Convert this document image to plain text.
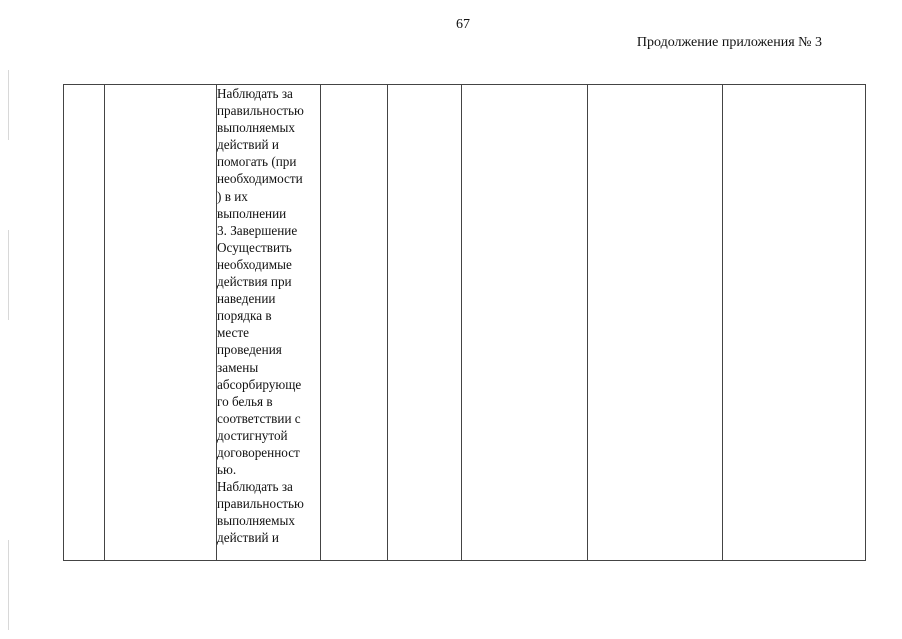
67
Продолжение приложения № 3

Наблюдать за
правильностью
выполняемых
действий и
помогать (при
необходимости
) в их
выполнении
3. Завершение
Осуществить
необходимые
действия при
наведении
порядка в
месте
проведения
замены
абсорбирующе
го белья в
соответствии с
достигнутой
договоренност
ью.
Наблюдать за
правильностью
выполняемых
действий и
